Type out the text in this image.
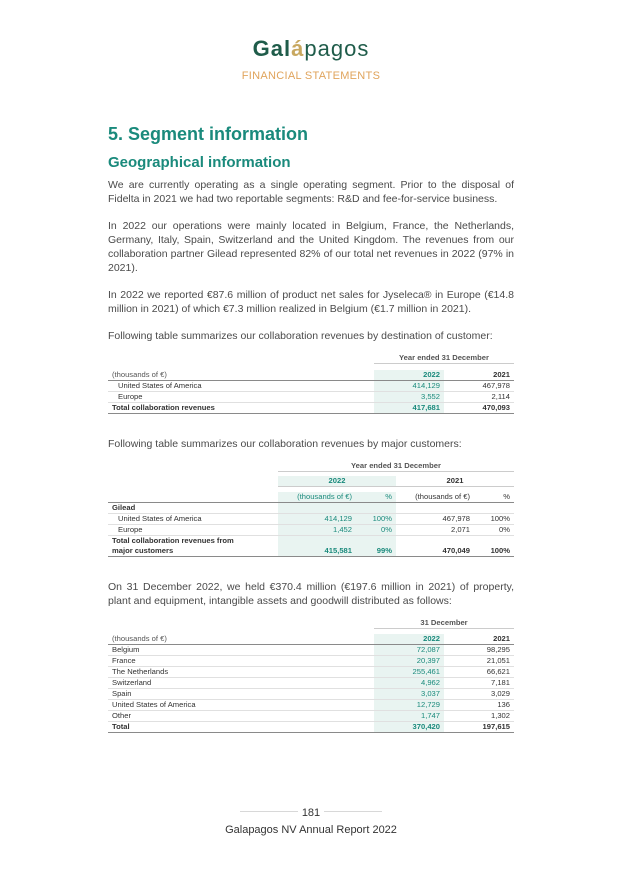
Galápagos
FINANCIAL STATEMENTS
5. Segment information
Geographical information

We are currently operating as a single operating segment. Prior to the disposal of Fidelta in 2021 we had two reportable segments: R&D and fee-for-service business.

In 2022 our operations were mainly located in Belgium, France, the Netherlands, Germany, Italy, Spain, Switzerland and the United Kingdom. The revenues from our collaboration partner Gilead represented 82% of our total net revenues in 2022 (97% in 2021).

In 2022 we reported €87.6 million of product net sales for Jyseleca® in Europe (€14.8 million in 2021) of which €7.3 million realized in Belgium (€1.7 million in 2021).

Following table summarizes our collaboration revenues by destination of customer:

	Year ended 31 December	

(thousands of €)	2022	2021
United States of America	414,129	467,978
Europe	3,552	2,114
Total collaboration revenues	417,681	470,093

Following table summarizes our collaboration revenues by major customers:

	Year ended 31 December			

	2022		2021	

	(thousands of €)	%	(thousands of €)	%
Gilead				
United States of America	414,129	100%	467,978	100%
Europe	1,452	0%	2,071	0%
Total collaboration revenues from
major customers	415,581	99%	470,049	100%

On 31 December 2022, we held €370.4 million (€197.6 million in 2021) of property, plant and equipment, intangible assets and goodwill distributed as follows:

	31 December	

(thousands of €)	2022	2021
Belgium	72,087	98,295
France	20,397	21,051
The Netherlands	255,461	66,621
Switzerland	4,962	7,181
Spain	3,037	3,029
United States of America	12,729	136
Other	1,747	1,302
Total	370,420	197,615
181
Galapagos NV Annual Report 2022
